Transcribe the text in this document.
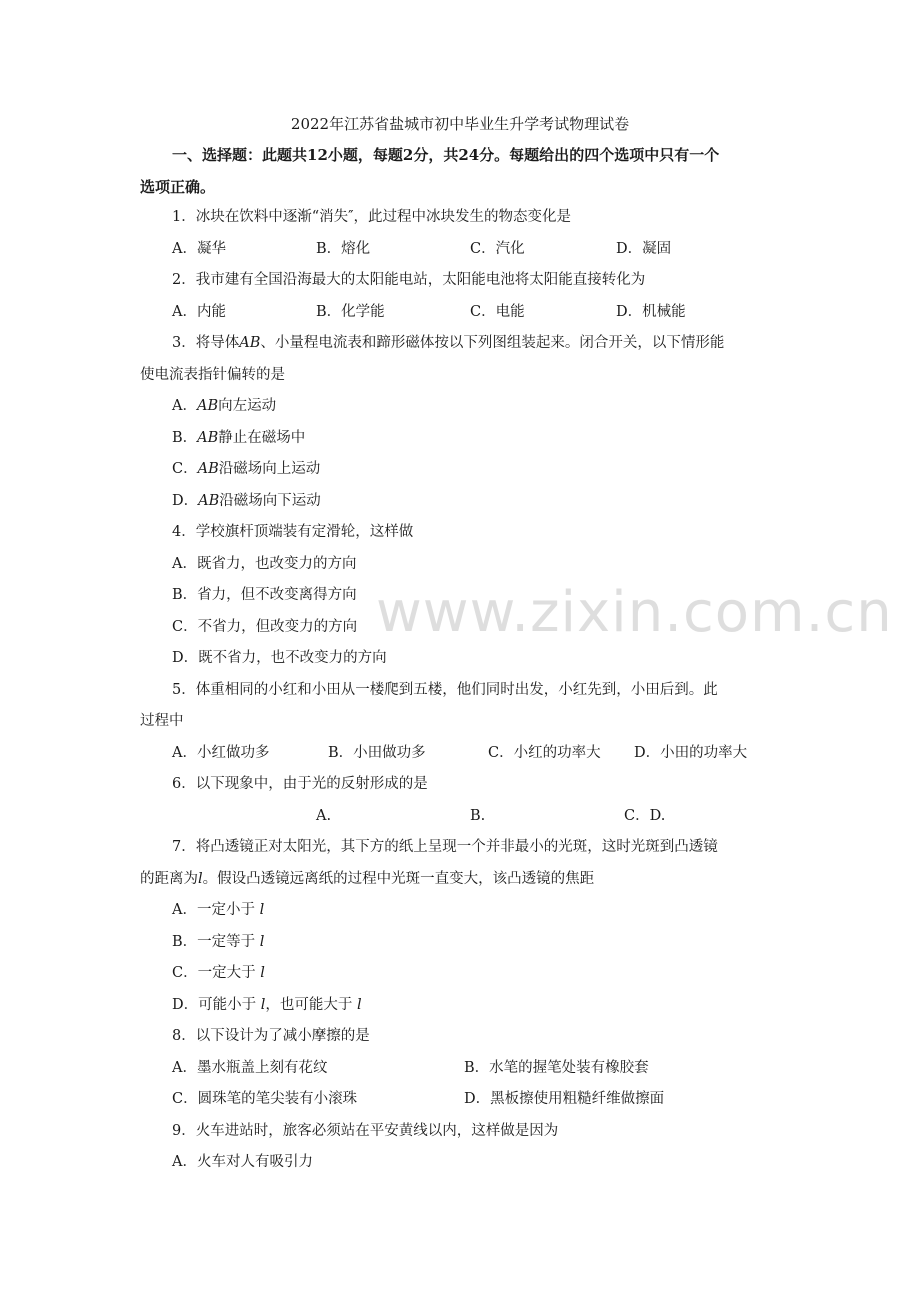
www.zixin.com.cn
2022年江苏省盐城市初中毕业生升学考试物理试卷
一、选择题：此题共12小题，每题2分，共24分。每题给出的四个选项中只有一个
选项正确。
1．冰块在饮料中逐渐“消失″，此过程中冰块发生的物态变化是
A．凝华	B．熔化	C．汽化	D．凝固
2．我市建有全国沿海最大的太阳能电站，太阳能电池将太阳能直接转化为
A．内能	B．化学能	C．电能	D．机械能
3．将导体AB、小量程电流表和蹄形磁体按以下列图组装起来。闭合开关，以下情形能
使电流表指针偏转的是
A．AB向左运动
B．AB静止在磁场中
C．AB沿磁场向上运动
D．AB沿磁场向下运动
4．学校旗杆顶端装有定滑轮，这样做
A．既省力，也改变力的方向
B．省力，但不改变离得方向
C．不省力，但改变力的方向
D．既不省力，也不改变力的方向
5．体重相同的小红和小田从一楼爬到五楼，他们同时出发，小红先到，小田后到。此
过程中
A．小红做功多	B．小田做功多	C．小红的功率大 D．小田的功率大
6．以下现象中，由于光的反射形成的是
A.	B.	C．D.
7．将凸透镜正对太阳光，其下方的纸上呈现一个并非最小的光斑，这时光斑到凸透镜
的距离为l。假设凸透镜远离纸的过程中光斑一直变大，该凸透镜的焦距
A．一定小于 l
B．一定等于 l
C．一定大于 l
D．可能小于 l，也可能大于 l
8．以下设计为了减小摩擦的是
A．墨水瓶盖上刻有花纹	B．水笔的握笔处装有橡胶套
C．圆珠笔的笔尖装有小滚珠	D．黑板擦使用粗糙纤维做擦面
9．火车进站时，旅客必须站在平安黄线以内，这样做是因为
A．火车对人有吸引力
